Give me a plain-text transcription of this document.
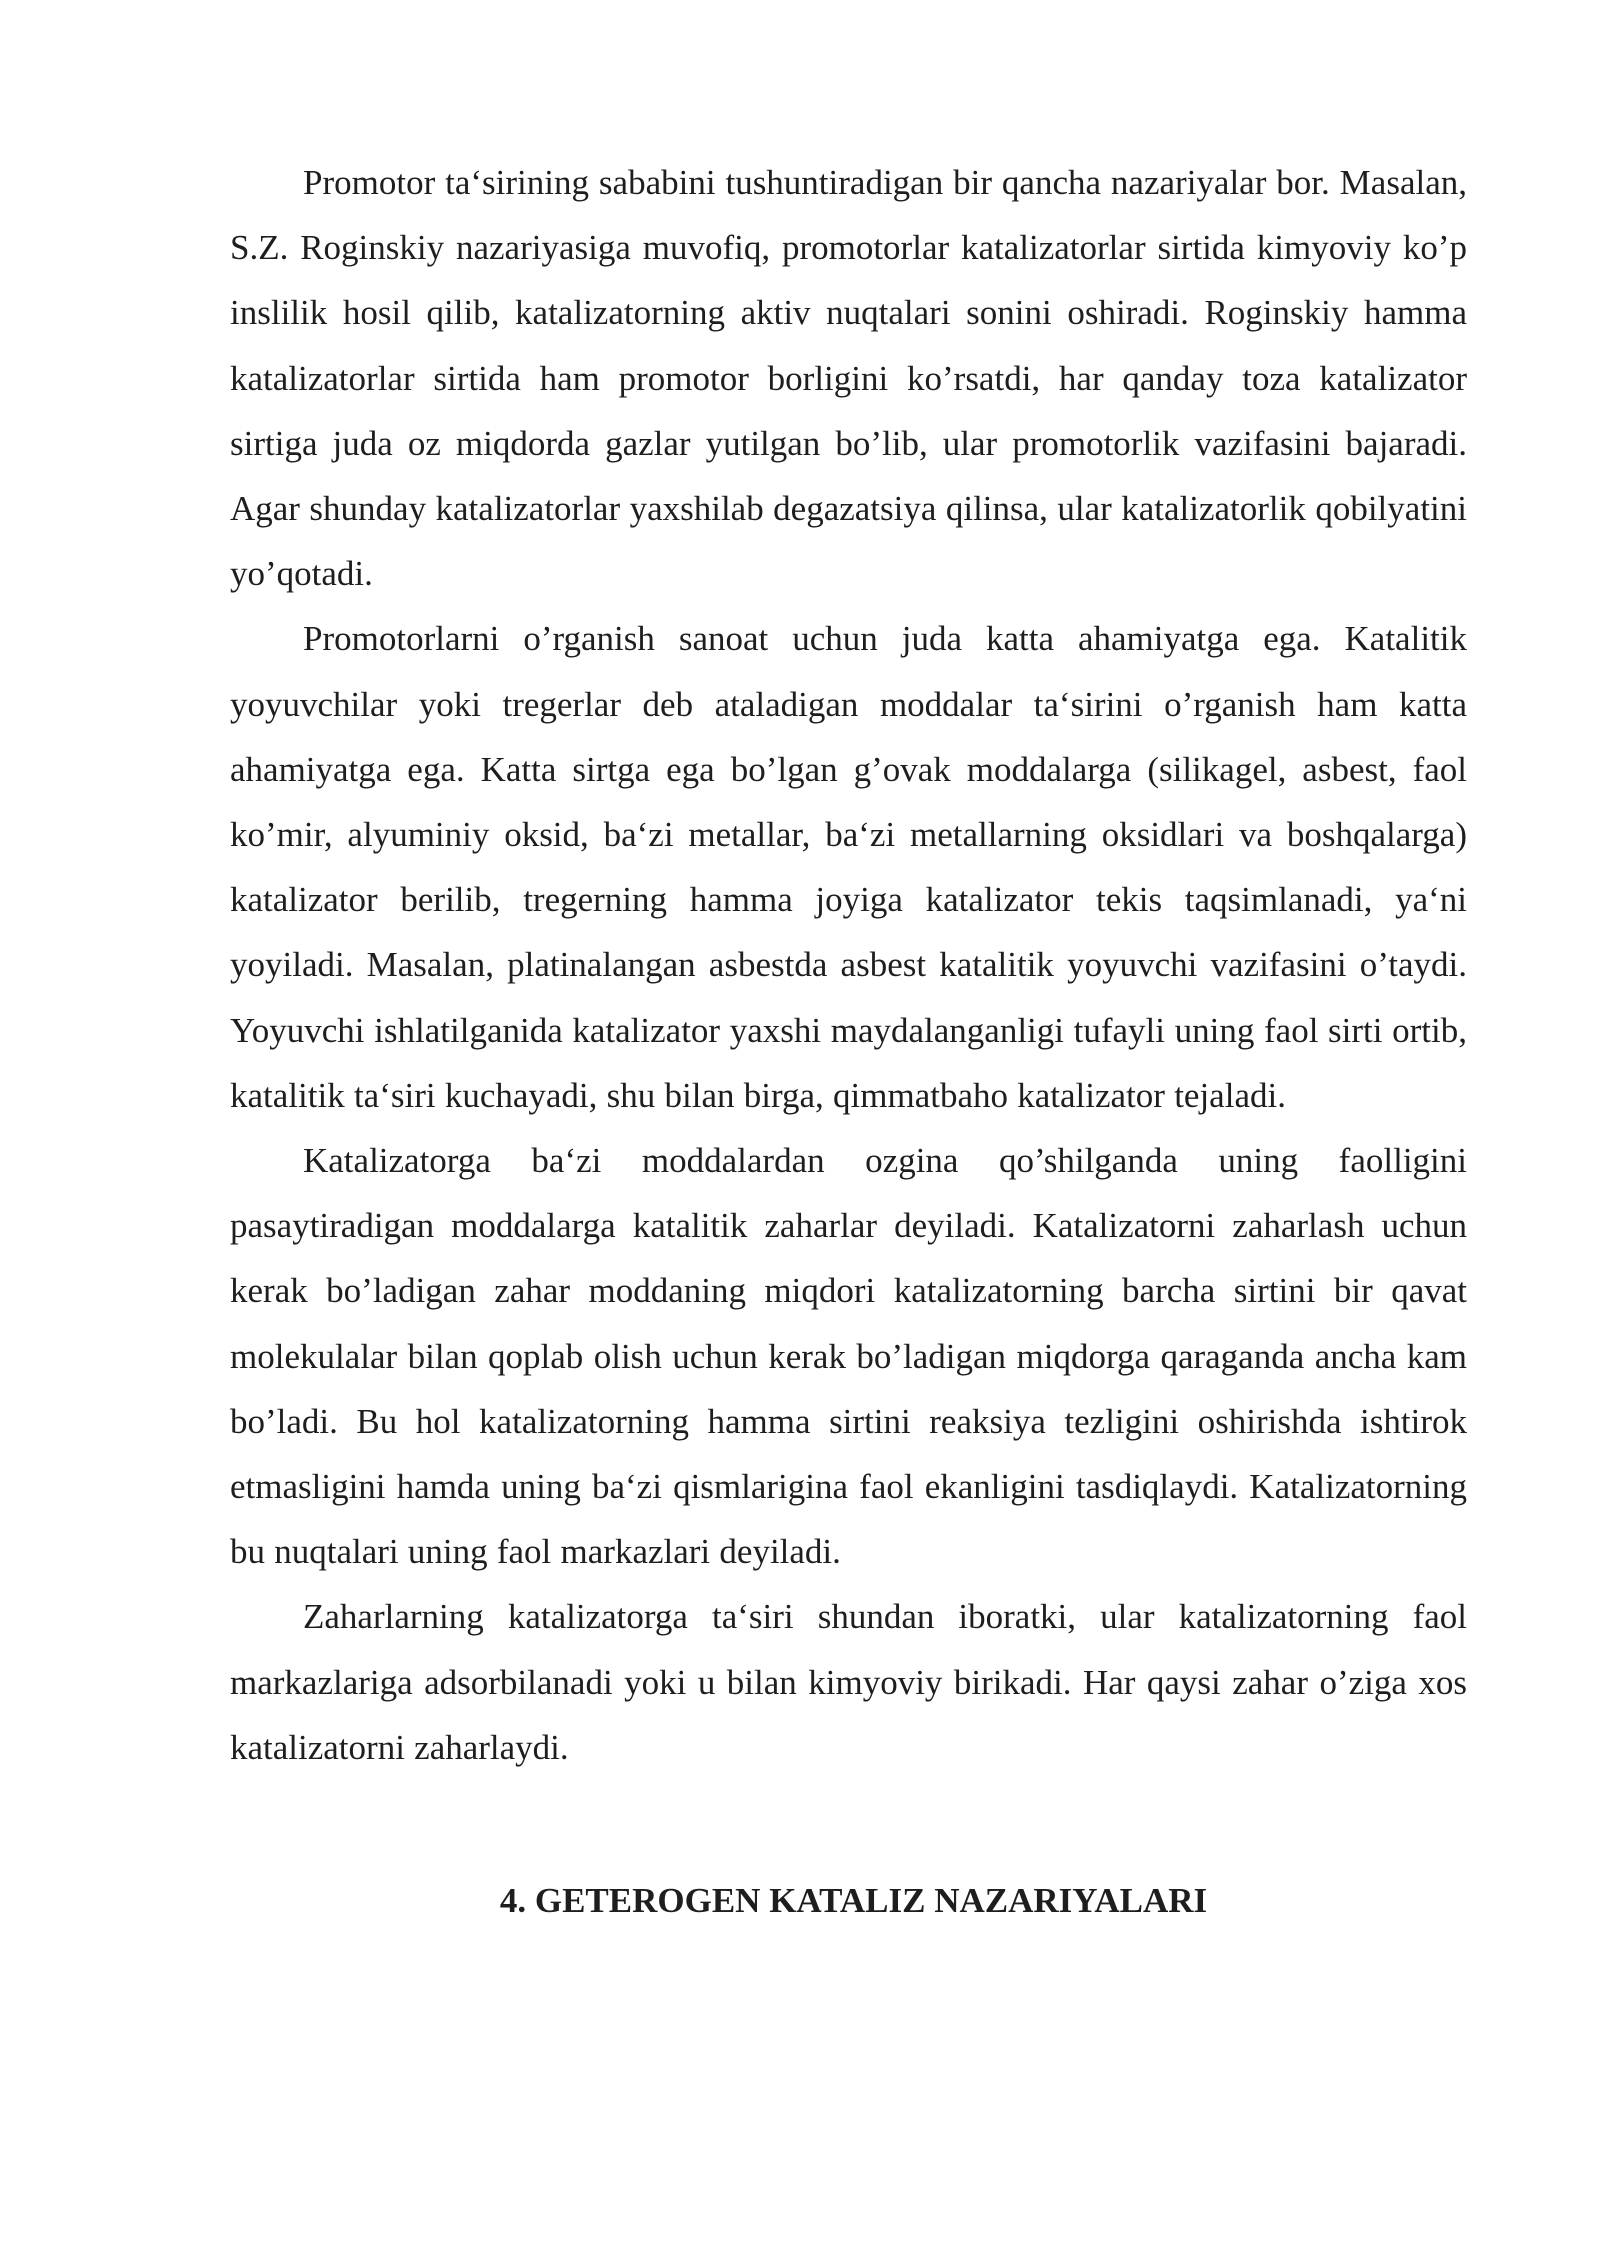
Promotor ta‘sirining sababini tushuntiradigan bir qancha nazariyalar bor. Masalan, S.Z. Roginskiy nazariyasiga muvofiq, promotorlar katalizatorlar sirtida kimyoviy ko’p inslilik hosil qilib, katalizatorning aktiv nuqtalari sonini oshiradi. Roginskiy hamma katalizatorlar sirtida ham promotor borligini ko’rsatdi, har qanday toza katalizator sirtiga juda oz miqdorda gazlar yutilgan bo’lib, ular promotorlik vazifasini bajaradi. Agar shunday katalizatorlar yaxshilab degazatsiya qilinsa, ular katalizatorlik qobilyatini yo’qotadi.

Promotorlarni o’rganish sanoat uchun juda katta ahamiyatga ega. Katalitik yoyuvchilar yoki tregerlar deb ataladigan moddalar ta‘sirini o’rganish ham katta ahamiyatga ega. Katta sirtga ega bo’lgan g’ovak moddalarga (silikagel, asbest, faol ko’mir, alyuminiy oksid, ba‘zi metallar, ba‘zi metallarning oksidlari va boshqalarga) katalizator berilib, tregerning hamma joyiga katalizator tekis taqsimlanadi, ya‘ni yoyiladi. Masalan, platinalangan asbestda asbest katalitik yoyuvchi vazifasini o’taydi. Yoyuvchi ishlatilganida katalizator yaxshi maydalanganligi tufayli uning faol sirti ortib, katalitik ta‘siri kuchayadi, shu bilan birga, qimmatbaho katalizator tejaladi.

Katalizatorga ba‘zi moddalardan ozgina qo’shilganda uning faolligini pasaytiradigan moddalarga katalitik zaharlar deyiladi. Katalizatorni zaharlash uchun kerak bo’ladigan zahar moddaning miqdori katalizatorning barcha sirtini bir qavat molekulalar bilan qoplab olish uchun kerak bo’ladigan miqdorga qaraganda ancha kam bo’ladi. Bu hol katalizatorning hamma sirtini reaksiya tezligini oshirishda ishtirok etmasligini hamda uning ba‘zi qismlarigina faol ekanligini tasdiqlaydi. Katalizatorning bu nuqtalari uning faol markazlari deyiladi.

Zaharlarning katalizatorga ta‘siri shundan iboratki, ular katalizatorning faol markazlariga adsorbilanadi yoki u bilan kimyoviy birikadi. Har qaysi zahar o’ziga xos katalizatorni zaharlaydi.

4. GETEROGEN KATALIZ NAZARIYALARI
